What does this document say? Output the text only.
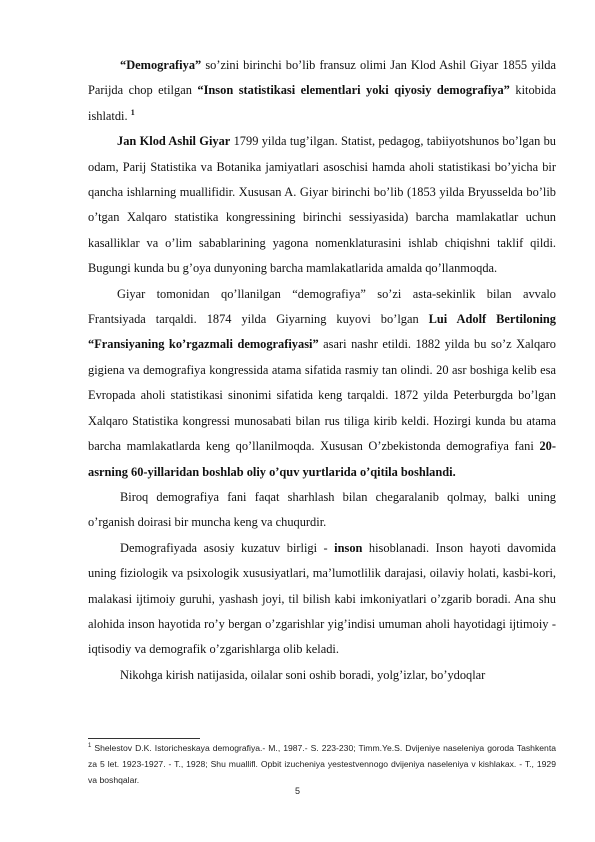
“Demografiya” so’zini birinchi bo’lib fransuz olimi Jan Klod Ashil Giyar 1855 yilda Parijda chop etilgan “Inson statistikasi elementlari yoki qiyosiy demografiya” kitobida ishlatdi. $^1$

Jan Klod Ashil Giyar 1799 yilda tug’ilgan. Statist, pedagog, tabiiyotshunos bo’lgan bu odam, Parij Statistika va Botanika jamiyatlari asoschisi hamda aholi statistikasi bo’yicha bir qancha ishlarning muallifidir. Xususan A. Giyar birinchi bo’lib (1853 yilda Bryusselda bo’lib o’tgan Xalqaro statistika kongressining birinchi sessiyasida) barcha mamlakatlar uchun kasalliklar va o’lim sabablarining yagona nomenklaturasini ishlab chiqishni taklif qildi. Bugungi kunda bu g’oya dunyoning barcha mamlakatlarida amalda qo’llanmoqda.

Giyar tomonidan qo’llanilgan “demografiya” so’zi asta-sekinlik bilan avvalo Frantsiyada tarqaldi. 1874 yilda Giyarning kuyovi bo’lgan Lui Adolf Bertiloning “Fransiyaning ko’rgazmali demografiyasi” asari nashr etildi. 1882 yilda bu so’z Xalqaro gigiena va demografiya kongressida atama sifatida rasmiy tan olindi. 20 asr boshiga kelib esa Evropada aholi statistikasi sinonimi sifatida keng tarqaldi. 1872 yilda Peterburgda bo’lgan Xalqaro Statistika kongressi munosabati bilan rus tiliga kirib keldi. Hozirgi kunda bu atama barcha mamlakatlarda keng qo’llanilmoqda. Xususan O’zbekistonda demografiya fani 20-asrning 60-yillaridan boshlab oliy o’quv yurtlarida o’qitila boshlandi.

Biroq demografiya fani faqat sharhlash bilan chegaralanib qolmay, balki uning o’rganish doirasi bir muncha keng va chuqurdir.

Demografiyada asosiy kuzatuv birligi - inson hisoblanadi. Inson hayoti davomida uning fiziologik va psixologik xususiyatlari, ma’lumotlilik darajasi, oilaviy holati, kasbi-kori, malakasi ijtimoiy guruhi, yashash joyi, til bilish kabi imkoniyatlari o’zgarib boradi. Ana shu alohida inson hayotida ro’y bergan o’zgarishlar yig’indisi umuman aholi hayotidagi ijtimoiy - iqtisodiy va demografik o’zgarishlarga olib keladi.

Nikohga kirish natijasida, oilalar soni oshib boradi, yolg’izlar, bo’ydoqlar

$^1$ Shelestov D.K. Istoricheskaya demografiya.- M., 1987.- S. 223-230; Timm.Ye.S. Dvijeniye naseleniya goroda Tashkenta za 5 let. 1923-1927. - T., 1928; Shu muallifl. Opbit izucheniya yestestvennogo dvijeniya naseleniya v kishlakax. - T., 1929 va boshqalar.
5
